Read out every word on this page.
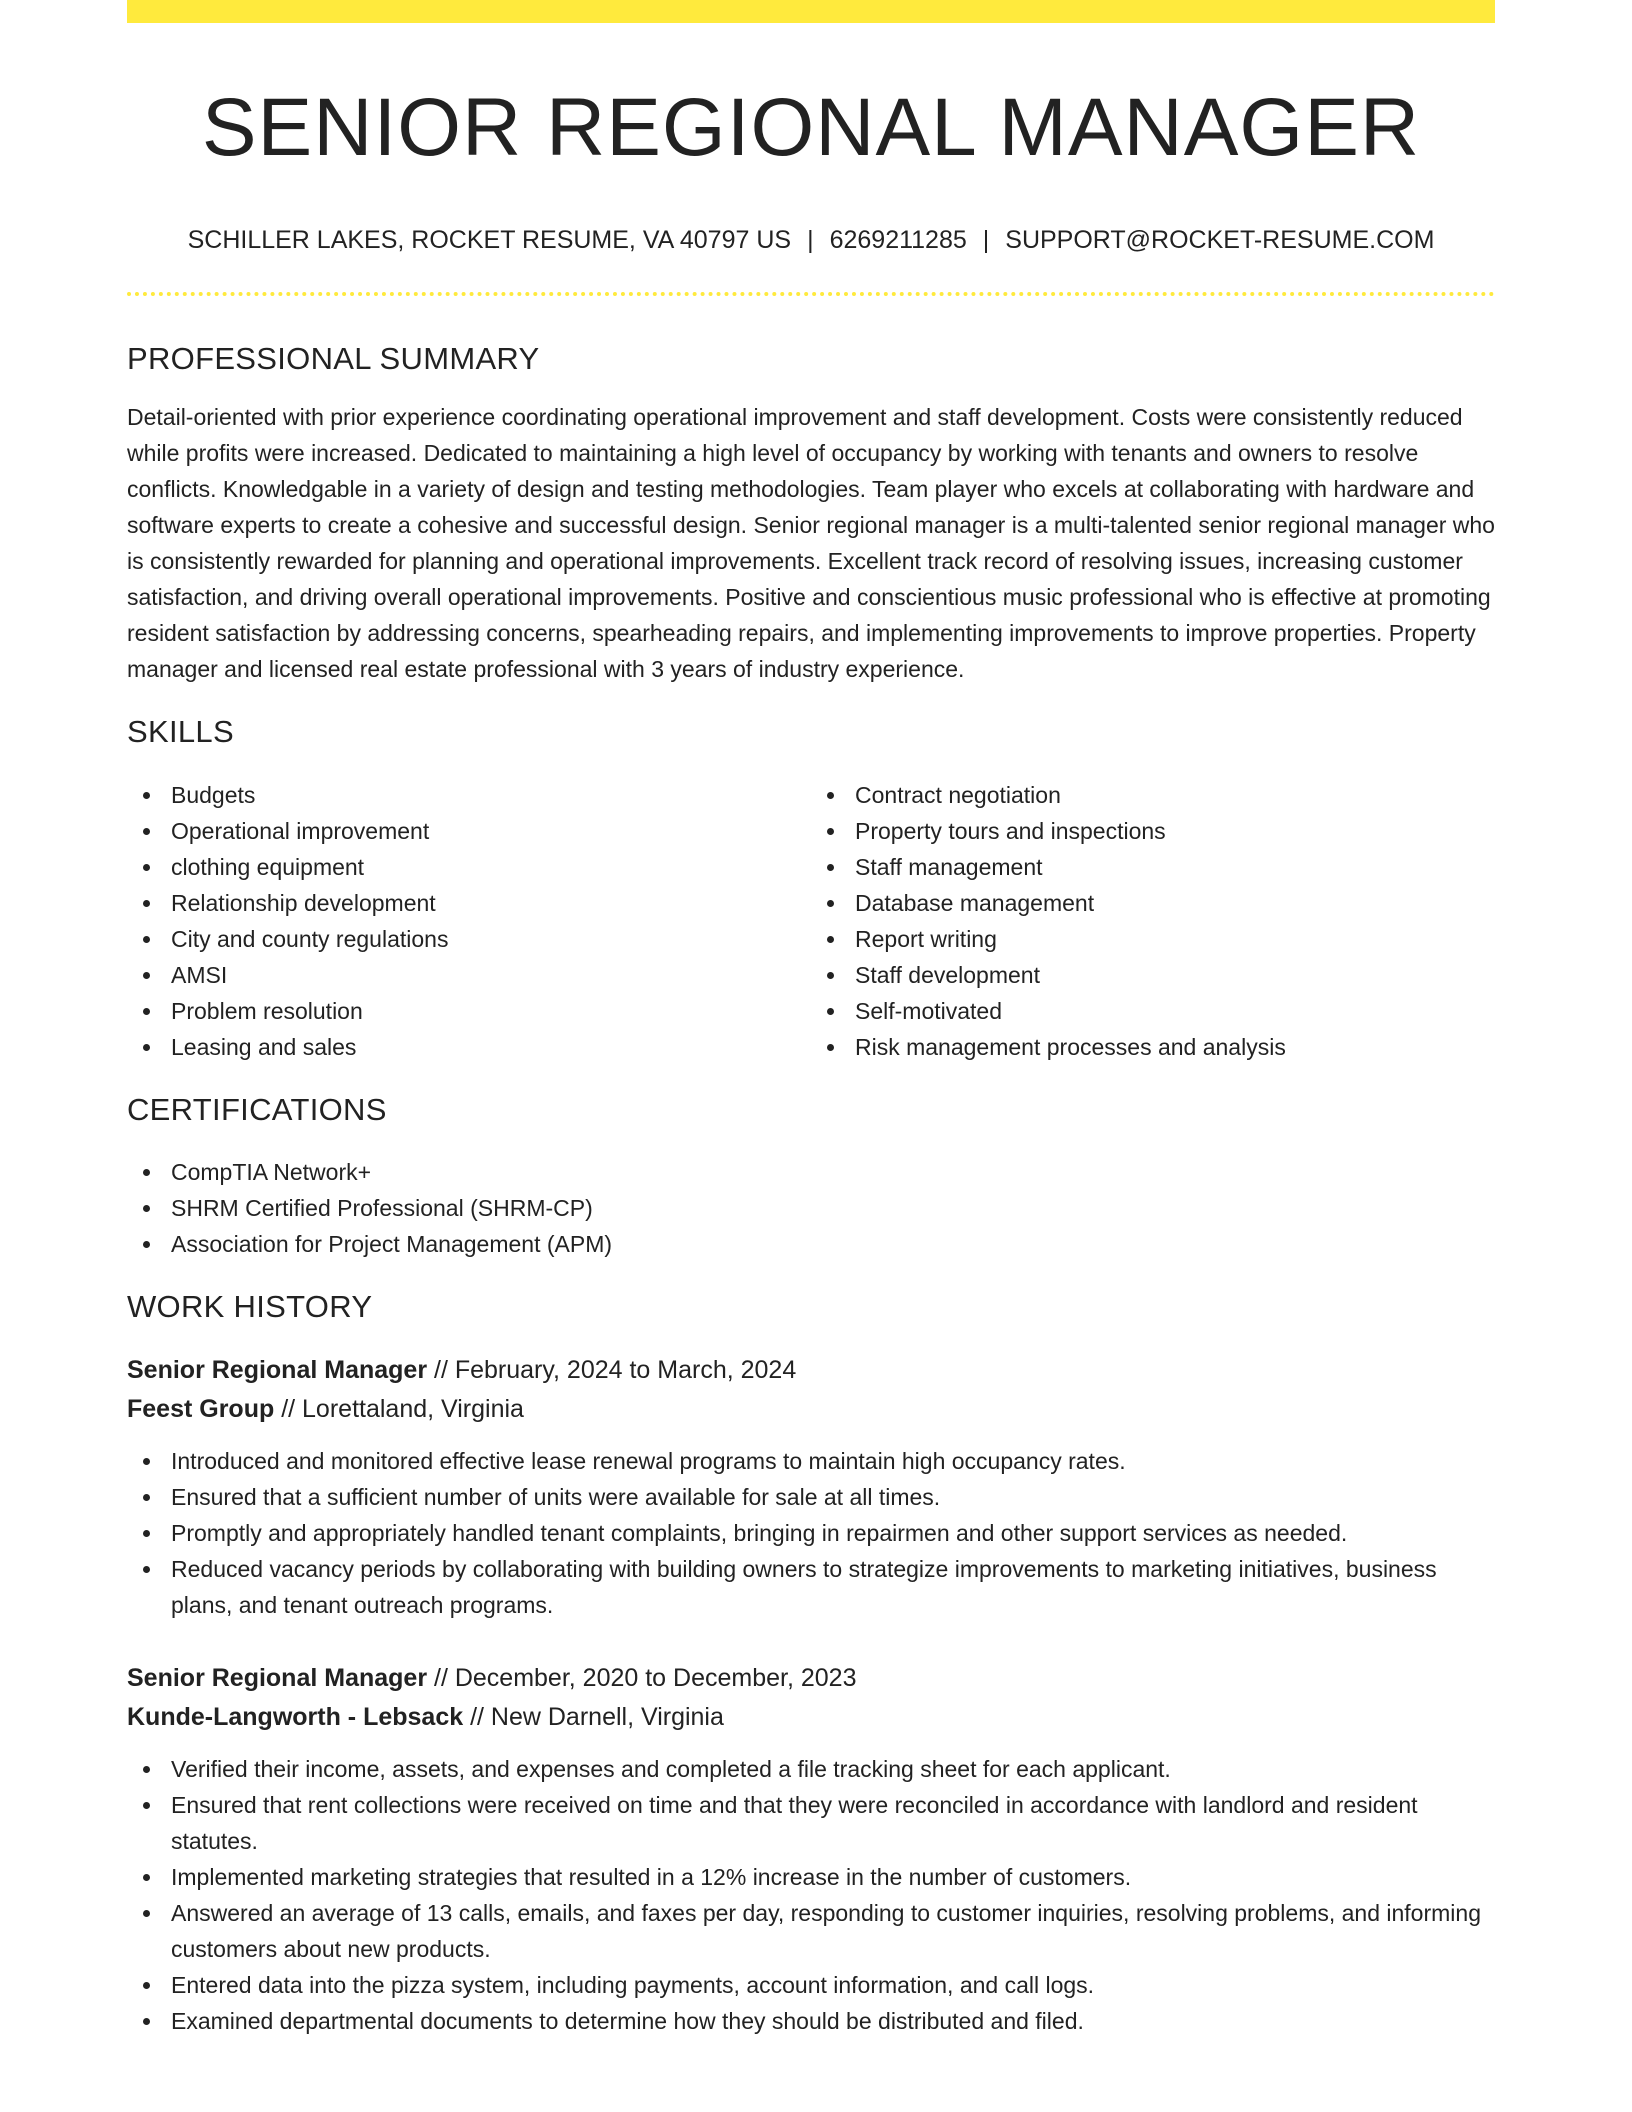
SENIOR REGIONAL MANAGER
SCHILLER LAKES, ROCKET RESUME, VA 40797 US | 6269211285 | SUPPORT@ROCKET-RESUME.COM
PROFESSIONAL SUMMARY

Detail-oriented with prior experience coordinating operational improvement and staff development. Costs were consistently reduced while profits were increased. Dedicated to maintaining a high level of occupancy by working with tenants and owners to resolve conflicts. Knowledgable in a variety of design and testing methodologies. Team player who excels at collaborating with hardware and software experts to create a cohesive and successful design. Senior regional manager is a multi-talented senior regional manager who is consistently rewarded for planning and operational improvements. Excellent track record of resolving issues, increasing customer satisfaction, and driving overall operational improvements. Positive and conscientious music professional who is effective at promoting resident satisfaction by addressing concerns, spearheading repairs, and implementing improvements to improve properties. Property manager and licensed real estate professional with 3 years of industry experience.

SKILLS
Budgets
Operational improvement
clothing equipment
Relationship development
City and county regulations
AMSI
Problem resolution
Leasing and sales
Contract negotiation
Property tours and inspections
Staff management
Database management
Report writing
Staff development
Self-motivated
Risk management processes and analysis
CERTIFICATIONS
CompTIA Network+
SHRM Certified Professional (SHRM-CP)
Association for Project Management (APM)
WORK HISTORY
Senior Regional Manager // February, 2024 to March, 2024
Feest Group // Lorettaland, Virginia
Introduced and monitored effective lease renewal programs to maintain high occupancy rates.
Ensured that a sufficient number of units were available for sale at all times.
Promptly and appropriately handled tenant complaints, bringing in repairmen and other support services as needed.
Reduced vacancy periods by collaborating with building owners to strategize improvements to marketing initiatives, business plans, and tenant outreach programs.
Senior Regional Manager // December, 2020 to December, 2023
Kunde-Langworth - Lebsack // New Darnell, Virginia
Verified their income, assets, and expenses and completed a file tracking sheet for each applicant.
Ensured that rent collections were received on time and that they were reconciled in accordance with landlord and resident statutes.
Implemented marketing strategies that resulted in a 12% increase in the number of customers.
Answered an average of 13 calls, emails, and faxes per day, responding to customer inquiries, resolving problems, and informing customers about new products.
Entered data into the pizza system, including payments, account information, and call logs.
Examined departmental documents to determine how they should be distributed and filed.
